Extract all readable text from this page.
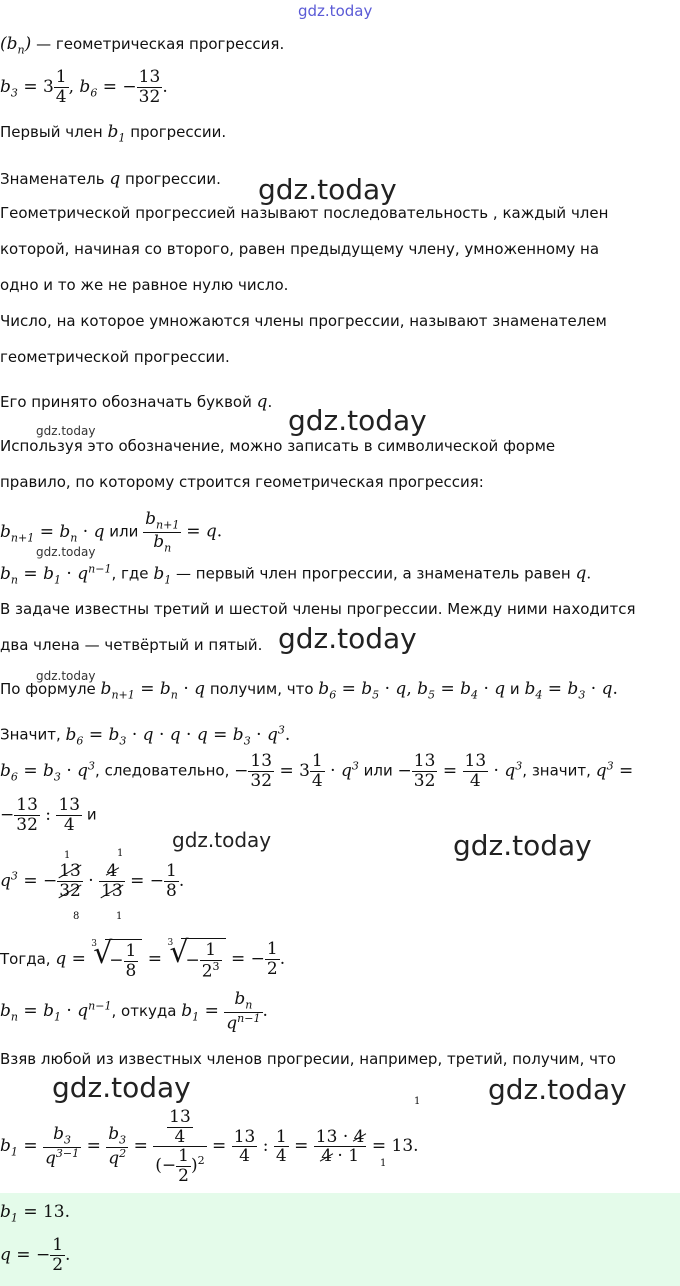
gdz.today
gdz.today
gdz.today
gdz.today
gdz.today
gdz.today
gdz.today
gdz.today	gdz.today
gdz.today	gdz.today
$(b_n)$ — геометрическая прогрессия.
$b_3 = 3 \frac{1}{4}$ , $b_6$ = − $\frac{13}{32}$ .
Первый член $b_1$ прогрессии.
Знаменатель q прогрессии.
Геометрической прогрессией называют последовательность , каждый член
которой, начиная со второго, равен предыдущему члену, умноженному на
одно и то же не равное нулю число.
Число, на которое умножаются члены прогрессии, называют знаменателем
геометрической прогрессии.
Его принято обозначать буквой q.
Используя это обозначение, можно записать в символической форме
правило, по которому строится геометрическая прогрессия:
$b_{n+1} = b_n \cdot q$ или $\frac{b_{n+1}}{b_n} = q$.
$b_n = b_1 \cdot q^{n-1}$, где $b_1$ — первый член прогрессии, а знаменатель равен q.
В задаче известны третий и шестой члены прогрессии. Между ними находится
два члена — четвёртый и пятый.
По формуле $b_{n+1} = b_n \cdot q$ получим, что $b_6 = b_5 \cdot q$, $b_5 = b_4 \cdot q$ и $b_4 = b_3 \cdot q$.
Значит, $b_6 = b_3 \cdot q \cdot q \cdot q = b_3 \cdot q^3$.
$b_6 = b_3 \cdot q^3$, следовательно, − $\frac{13}{32} = 3 \frac{1}{4} \cdot q^3$ или − $\frac{13}{32} = \frac{13}{4} \cdot q^3$, значит, $q^3$ =
− $\frac{13}{32}$ : $\frac{13}{4}$ и
$q^3$ = − $\frac{13}{32} \cdot \frac{4}{13}$ = − $\frac{1}{8}$ .
1	1
8	1
Тогда, q =
√ 3
− $\frac{1}{8}$ =
√ 3
− $\frac{1}{2^3}$ = − $\frac{1}{2}$ .
$b_n = b_1 \cdot q^{n-1}$, откуда $b_1 = \frac{b_n}{q^{n-1}}$ .
Взяв любой из известных членов прогресии, например, третий, получим, что
$b_1 = \frac{b_3}{q^{3-1}} = \frac{b_3}{q^2} = \frac{\frac{13}{4}}{(- \frac{1}{2} )^2} = \frac{13}{4}$ : $\frac{1}{4} = \frac{13 \cdot 4}{4 \cdot 1} = 13$.
1
1
$b_1 = 13$.
q = − $\frac{1}{2}$ .
